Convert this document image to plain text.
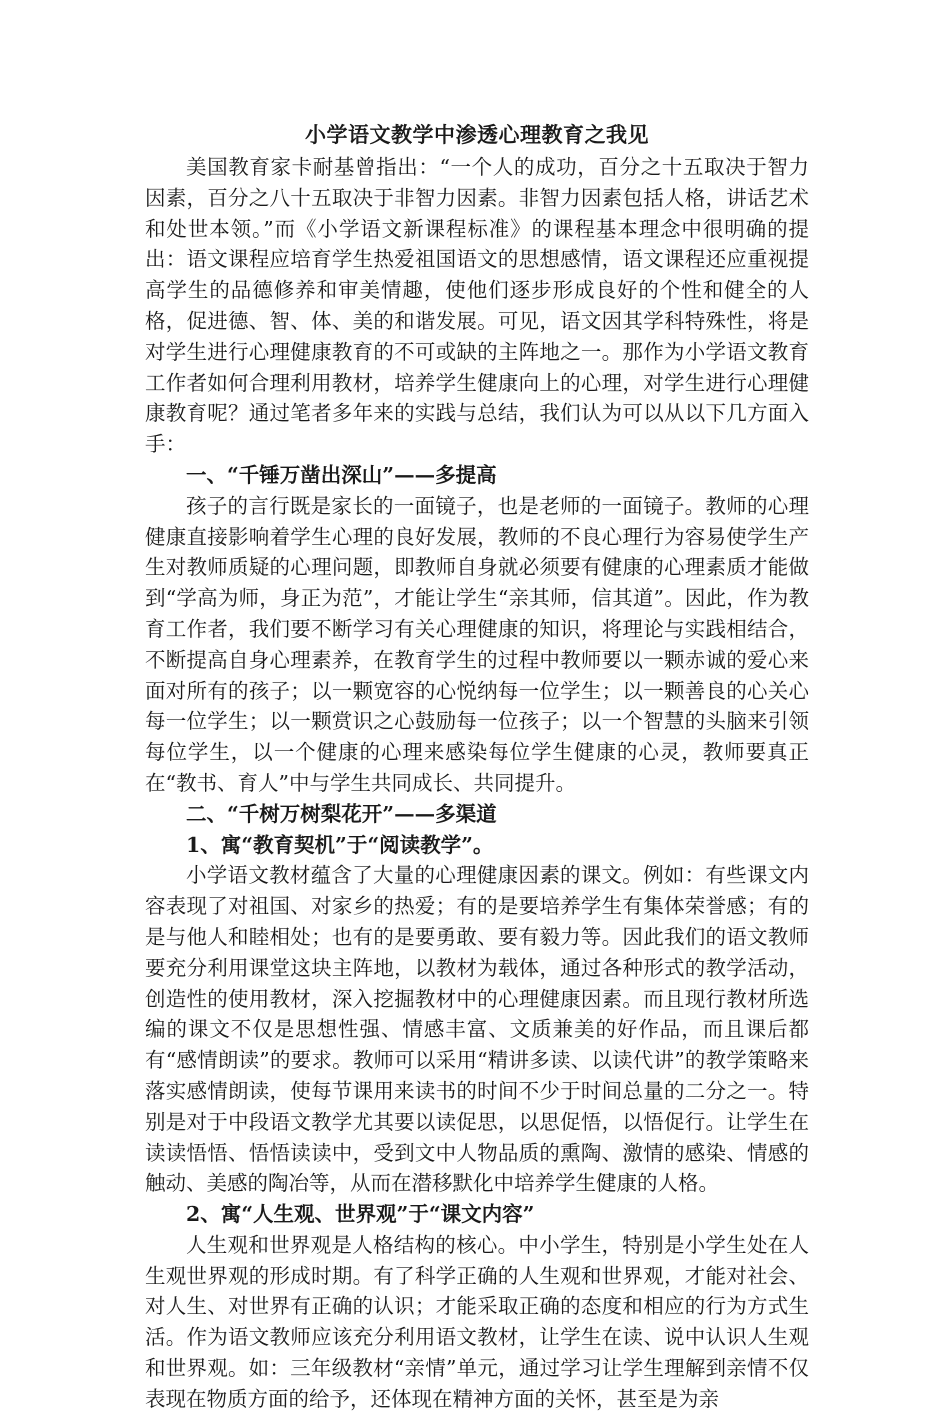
小学语文教学中渗透心理教育之我见

美国教育家卡耐基曾指出：“一个人的成功，百分之十五取决于智力因素，百分之八十五取决于非智力因素。非智力因素包括人格，讲话艺术和处世本领。”而《小学语文新课程标准》的课程基本理念中很明确的提出：语文课程应培育学生热爱祖国语文的思想感情，语文课程还应重视提高学生的品德修养和审美情趣，使他们逐步形成良好的个性和健全的人格，促进德、智、体、美的和谐发展。可见，语文因其学科特殊性，将是对学生进行心理健康教育的不可或缺的主阵地之一。那作为小学语文教育工作者如何合理利用教材，培养学生健康向上的心理，对学生进行心理健康教育呢？通过笔者多年来的实践与总结，我们认为可以从以下几方面入手：

一、“千锤万凿出深山”——多提高

孩子的言行既是家长的一面镜子，也是老师的一面镜子。教师的心理健康直接影响着学生心理的良好发展，教师的不良心理行为容易使学生产生对教师质疑的心理问题，即教师自身就必须要有健康的心理素质才能做到“学高为师，身正为范”，才能让学生“亲其师，信其道”。因此，作为教育工作者，我们要不断学习有关心理健康的知识，将理论与实践相结合，不断提高自身心理素养，在教育学生的过程中教师要以一颗赤诚的爱心来面对所有的孩子；以一颗宽容的心悦纳每一位学生；以一颗善良的心关心每一位学生；以一颗赏识之心鼓励每一位孩子；以一个智慧的头脑来引领每位学生，以一个健康的心理来感染每位学生健康的心灵，教师要真正在“教书、育人”中与学生共同成长、共同提升。

二、“千树万树梨花开”——多渠道

1、寓“教育契机”于“阅读教学”。

小学语文教材蕴含了大量的心理健康因素的课文。例如：有些课文内容表现了对祖国、对家乡的热爱；有的是要培养学生有集体荣誉感；有的是与他人和睦相处；也有的是要勇敢、要有毅力等。因此我们的语文教师要充分利用课堂这块主阵地，以教材为载体，通过各种形式的教学活动，创造性的使用教材，深入挖掘教材中的心理健康因素。而且现行教材所选编的课文不仅是思想性强、情感丰富、文质兼美的好作品，而且课后都有“感情朗读”的要求。教师可以采用“精讲多读、以读代讲”的教学策略来落实感情朗读，使每节课用来读书的时间不少于时间总量的二分之一。特别是对于中段语文教学尤其要以读促思，以思促悟，以悟促行。让学生在读读悟悟、悟悟读读中，受到文中人物品质的熏陶、激情的感染、情感的触动、美感的陶冶等，从而在潜移默化中培养学生健康的人格。

2、寓“人生观、世界观”于“课文内容”

人生观和世界观是人格结构的核心。中小学生，特别是小学生处在人生观世界观的形成时期。有了科学正确的人生观和世界观，才能对社会、对人生、对世界有正确的认识；才能采取正确的态度和相应的行为方式生活。作为语文教师应该充分利用语文教材，让学生在读、说中认识人生观和世界观。如：三年级教材“亲情”单元，通过学习让学生理解到亲情不仅表现在物质方面的给予，还体现在精神方面的关怀，甚至是为亲
